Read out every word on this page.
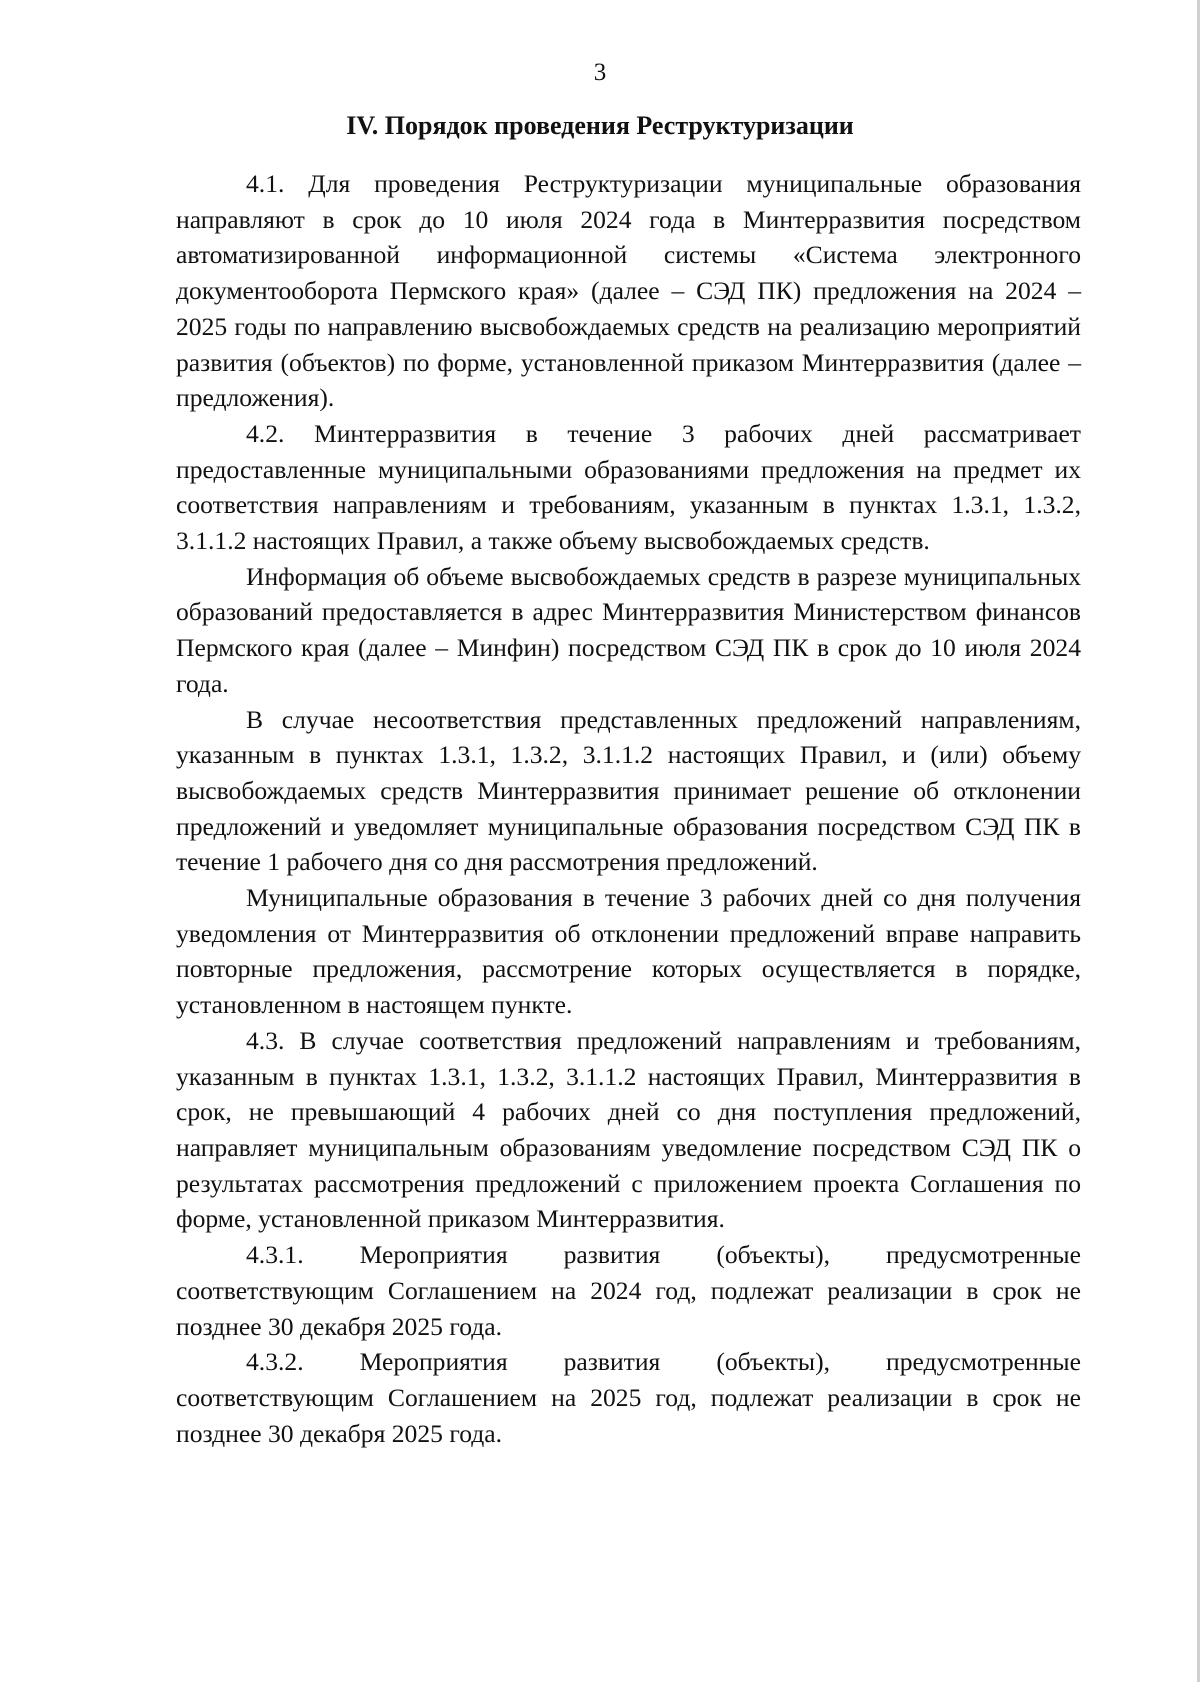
3
IV. Порядок проведения Реструктуризации

4.1. Для проведения Реструктуризации муниципальные образования направляют в срок до 10 июля 2024 года в Минтерразвития посредством автоматизированной информационной системы «Система электронного документооборота Пермского края» (далее – СЭД ПК) предложения на 2024 – 2025 годы по направлению высвобождаемых средств на реализацию мероприятий развития (объектов) по форме, установленной приказом Минтерразвития (далее – предложения).

4.2. Минтерразвития в течение 3 рабочих дней рассматривает предоставленные муниципальными образованиями предложения на предмет их соответствия направлениям и требованиям, указанным в пунктах 1.3.1, 1.3.2, 3.1.1.2 настоящих Правил, а также объему высвобождаемых средств.

Информация об объеме высвобождаемых средств в разрезе муниципальных образований предоставляется в адрес Минтерразвития Министерством финансов Пермского края (далее – Минфин) посредством СЭД ПК в срок до 10 июля 2024 года.

В случае несоответствия представленных предложений направлениям, указанным в пунктах 1.3.1, 1.3.2, 3.1.1.2 настоящих Правил, и (или) объему высвобождаемых средств Минтерразвития принимает решение об отклонении предложений и уведомляет муниципальные образования посредством СЭД ПК в течение 1 рабочего дня со дня рассмотрения предложений.

Муниципальные образования в течение 3 рабочих дней со дня получения уведомления от Минтерразвития об отклонении предложений вправе направить повторные предложения, рассмотрение которых осуществляется в порядке, установленном в настоящем пункте.

4.3. В случае соответствия предложений направлениям и требованиям, указанным в пунктах 1.3.1, 1.3.2, 3.1.1.2 настоящих Правил, Минтерразвития в срок, не превышающий 4 рабочих дней со дня поступления предложений, направляет муниципальным образованиям уведомление посредством СЭД ПК о результатах рассмотрения предложений с приложением проекта Соглашения по форме, установленной приказом Минтерразвития.

4.3.1. Мероприятия развития (объекты), предусмотренные соответствующим Соглашением на 2024 год, подлежат реализации в срок не позднее 30 декабря 2025 года.

4.3.2. Мероприятия развития (объекты), предусмотренные соответствующим Соглашением на 2025 год, подлежат реализации в срок не позднее 30 декабря 2025 года.
